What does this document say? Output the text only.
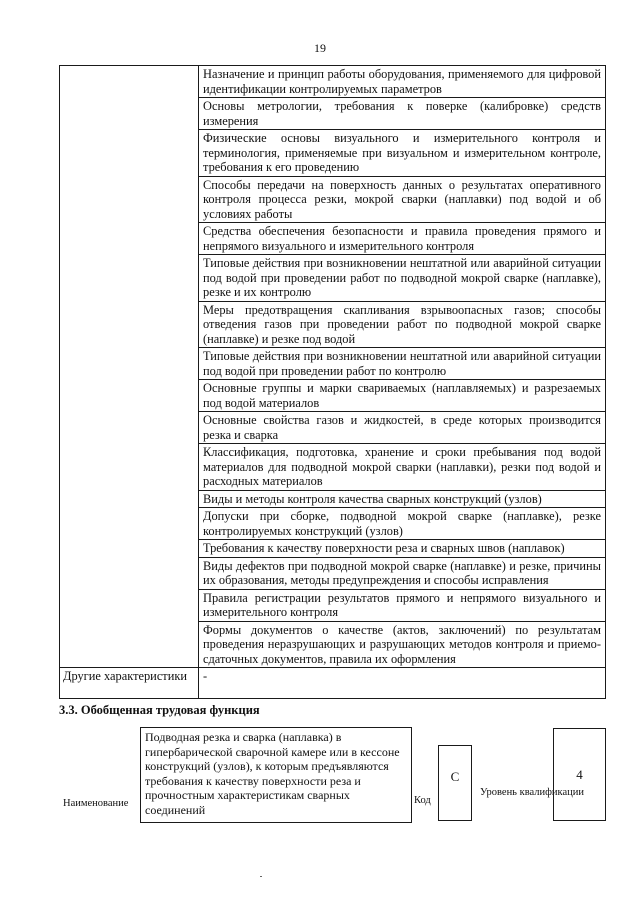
19
	Назначение и принцип работы оборудования, применяемого для цифровой идентификации контролируемых параметров
	Основы метрологии, требования к поверке (калибровке) средств измерения
	Физические основы визуального и измерительного контроля и терминология, применяемые при визуальном и измерительном контроле, требования к его проведению
	Способы передачи на поверхность данных о результатах оперативного контроля процесса резки, мокрой сварки (наплавки) под водой и об условиях работы
	Средства обеспечения безопасности и правила проведения прямого и непрямого визуального и измерительного контроля
	Типовые действия при возникновении нештатной или аварийной ситуации под водой при проведении работ по подводной мокрой сварке (наплавке), резке и их контролю
	Меры предотвращения скапливания взрывоопасных газов; способы отведения газов при проведении работ по подводной мокрой сварке (наплавке) и резке под водой
	Типовые действия при возникновении нештатной или аварийной ситуации под водой при проведении работ по контролю
	Основные группы и марки свариваемых (наплавляемых) и разрезаемых под водой материалов
	Основные свойства газов и жидкостей, в среде которых производится резка и сварка
	Классификация, подготовка, хранение и сроки пребывания под водой материалов для подводной мокрой сварки (наплавки), резки под водой и расходных материалов
	Виды и методы контроля качества сварных конструкций (узлов)
	Допуски при сборке, подводной мокрой сварке (наплавке), резке контролируемых конструкций (узлов)
	Требования к качеству поверхности реза и сварных швов (наплавок)
	Виды дефектов при подводной мокрой сварке (наплавке) и резке, причины их образования, методы предупреждения и способы исправления
	Правила регистрации результатов прямого и непрямого визуального и измерительного контроля
	Формы документов о качестве (актов, заключений) по результатам проведения неразрушающих и разрушающих методов контроля и приемо-сдаточных документов, правила их оформления
Другие характеристики	-
3.3. Обобщенная трудовая функция
Наименование
Подводная резка и сварка (наплавка) в гипербарической сварочной камере или в кессоне конструкций (узлов), к которым предъявляются требования к качеству поверхности реза и прочностным характеристикам сварных соединений
Код
C
Уровень квалификации
4
